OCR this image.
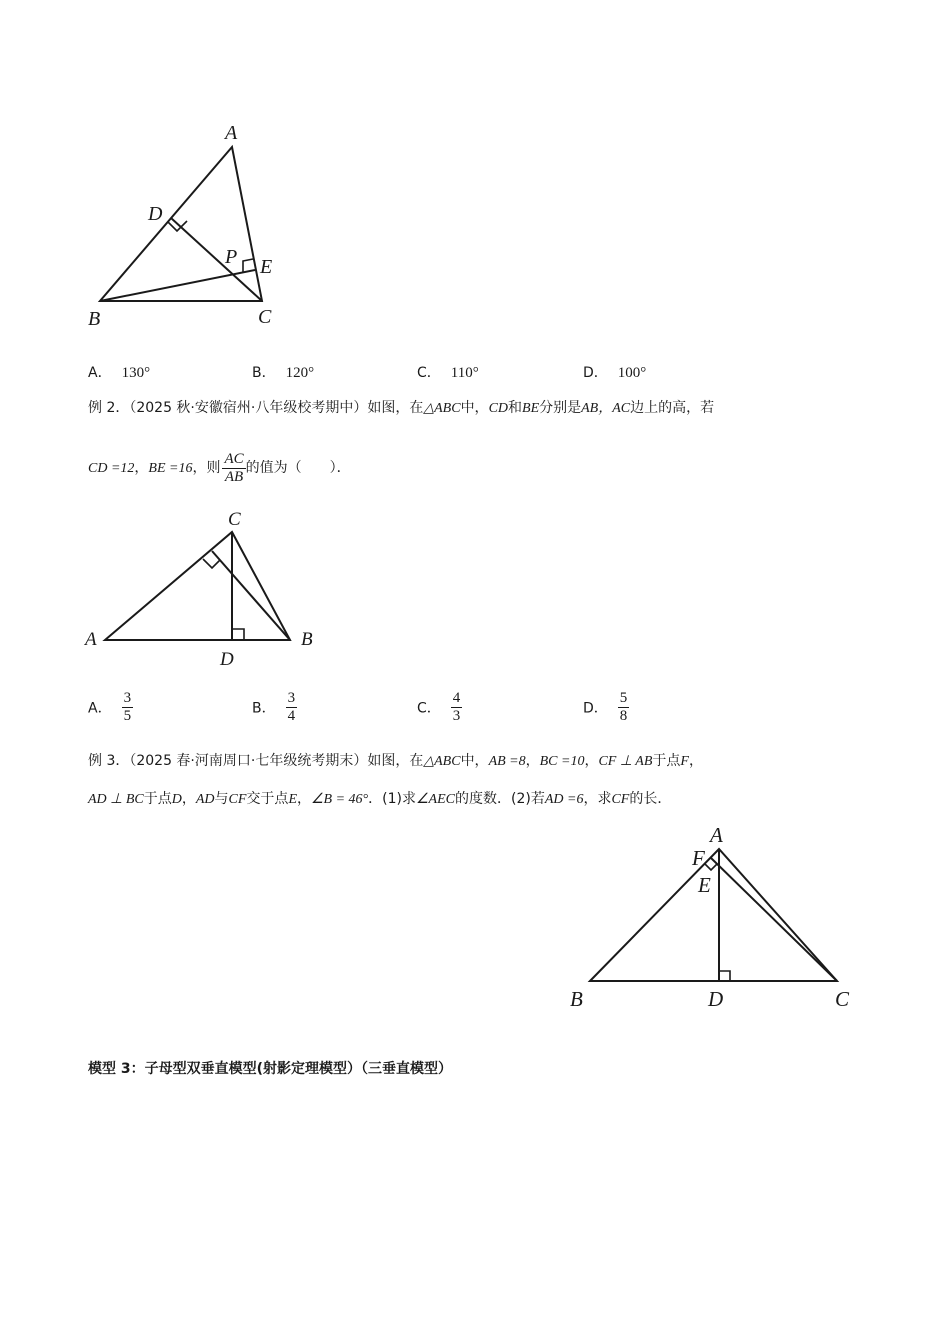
A
D
P E
B	C
A． 130°	B． 120°	C． 110°	D． 100°
例 2．（2025 秋·安徽宿州·八年级校考期中）如图，在△ABC中，CD和BE分别是AB，AC边上的高，若
CD =12，BE =16，则 $\frac{AC}{AB}$ 的值为（　　）．
C
A	B
D
A． $\frac{3}{5}$	B． $\frac{3}{4}$	C． $\frac{4}{3}$	D． $\frac{5}{8}$
例 3．（2025 春·河南周口·七年级统考期末）如图，在△ABC中，AB =8，BC =10，CF ⊥ AB于点F，
AD ⊥ BC于点D，AD与CF交于点E，∠B = 46°．(1)求∠AEC的度数．(2)若AD =6，求CF的长．
A
F
E
B	D	C
模型 3：子母型双垂直模型(射影定理模型）（三垂直模型）
